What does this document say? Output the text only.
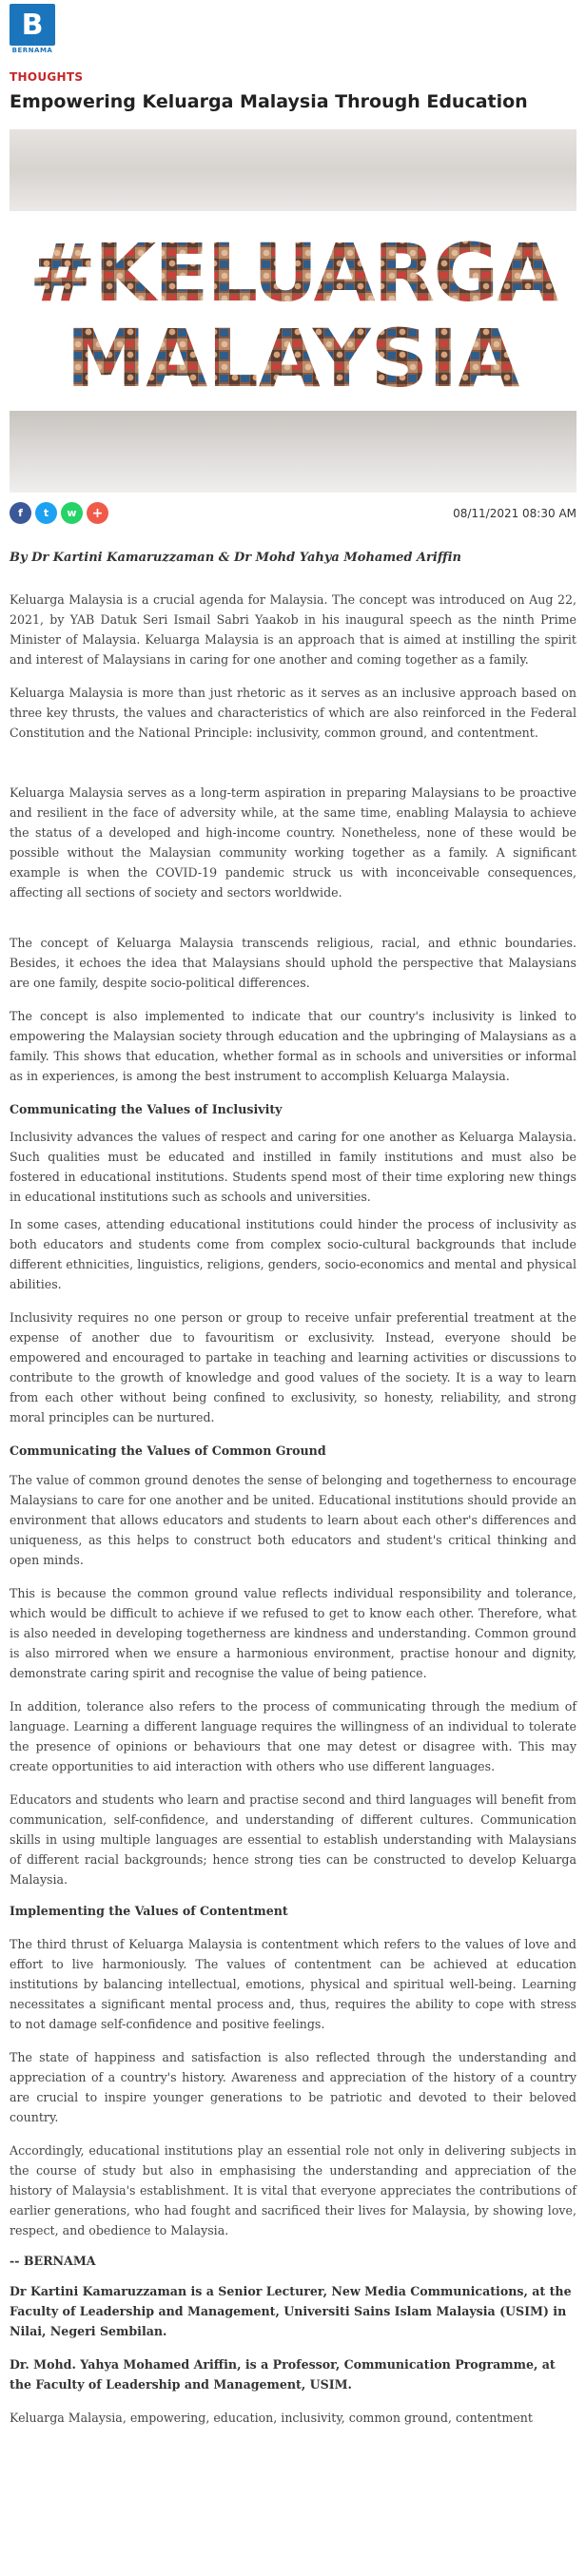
B
BERNAMA
THOUGHTS
Empowering Keluarga Malaysia Through Education
#KELUARGA
MALAYSIA
f	t	w	+	08/11/2021 08:30 AM
By Dr Kartini Kamaruzzaman & Dr Mohd Yahya Mohamed Ariffin

Keluarga Malaysia is a crucial agenda for Malaysia. The concept was introduced on Aug 22, 2021, by YAB Datuk Seri Ismail Sabri Yaakob in his inaugural speech as the ninth Prime Minister of Malaysia. Keluarga Malaysia is an approach that is aimed at instilling the spirit and interest of Malaysians in caring for one another and coming together as a family.

Keluarga Malaysia is more than just rhetoric as it serves as an inclusive approach based on three key thrusts, the values and characteristics of which are also reinforced in the Federal Constitution and the National Principle: inclusivity, common ground, and contentment.

Keluarga Malaysia serves as a long-term aspiration in preparing Malaysians to be proactive and resilient in the face of adversity while, at the same time, enabling Malaysia to achieve the status of a developed and high-income country. Nonetheless, none of these would be possible without the Malaysian community working together as a family. A significant example is when the COVID-19 pandemic struck us with inconceivable consequences, affecting all sections of society and sectors worldwide.

The concept of Keluarga Malaysia transcends religious, racial, and ethnic boundaries. Besides, it echoes the idea that Malaysians should uphold the perspective that Malaysians are one family, despite socio-political differences.

The concept is also implemented to indicate that our country's inclusivity is linked to empowering the Malaysian society through education and the upbringing of Malaysians as a family. This shows that education, whether formal as in schools and universities or informal as in experiences, is among the best instrument to accomplish Keluarga Malaysia.

Communicating the Values of Inclusivity

Inclusivity advances the values of respect and caring for one another as Keluarga Malaysia. Such qualities must be educated and instilled in family institutions and must also be fostered in educational institutions. Students spend most of their time exploring new things in educational institutions such as schools and universities.

In some cases, attending educational institutions could hinder the process of inclusivity as both educators and students come from complex socio-cultural backgrounds that include different ethnicities, linguistics, religions, genders, socio-economics and mental and physical abilities.

Inclusivity requires no one person or group to receive unfair preferential treatment at the expense of another due to favouritism or exclusivity. Instead, everyone should be empowered and encouraged to partake in teaching and learning activities or discussions to contribute to the growth of knowledge and good values of the society. It is a way to learn from each other without being confined to exclusivity, so honesty, reliability, and strong moral principles can be nurtured.

Communicating the Values of Common Ground

The value of common ground denotes the sense of belonging and togetherness to encourage Malaysians to care for one another and be united. Educational institutions should provide an environment that allows educators and students to learn about each other's differences and uniqueness, as this helps to construct both educators and student's critical thinking and open minds.

This is because the common ground value reflects individual responsibility and tolerance, which would be difficult to achieve if we refused to get to know each other. Therefore, what is also needed in developing togetherness are kindness and understanding. Common ground is also mirrored when we ensure a harmonious environment, practise honour and dignity, demonstrate caring spirit and recognise the value of being patience.

In addition, tolerance also refers to the process of communicating through the medium of language. Learning a different language requires the willingness of an individual to tolerate the presence of opinions or behaviours that one may detest or disagree with. This may create opportunities to aid interaction with others who use different languages.

Educators and students who learn and practise second and third languages will benefit from communication, self-confidence, and understanding of different cultures. Communication skills in using multiple languages are essential to establish understanding with Malaysians of different racial backgrounds; hence strong ties can be constructed to develop Keluarga Malaysia.

Implementing the Values of Contentment

The third thrust of Keluarga Malaysia is contentment which refers to the values of love and effort to live harmoniously. The values of contentment can be achieved at education institutions by balancing intellectual, emotions, physical and spiritual well-being. Learning necessitates a significant mental process and, thus, requires the ability to cope with stress to not damage self-confidence and positive feelings.

The state of happiness and satisfaction is also reflected through the understanding and appreciation of a country's history. Awareness and appreciation of the history of a country are crucial to inspire younger generations to be patriotic and devoted to their beloved country.

Accordingly, educational institutions play an essential role not only in delivering subjects in the course of study but also in emphasising the understanding and appreciation of the history of Malaysia's establishment. It is vital that everyone appreciates the contributions of earlier generations, who had fought and sacrificed their lives for Malaysia, by showing love, respect, and obedience to Malaysia.

-- BERNAMA

Dr Kartini Kamaruzzaman is a Senior Lecturer, New Media Communications, at the Faculty of Leadership and Management, Universiti Sains Islam Malaysia (USIM) in Nilai, Negeri Sembilan.

Dr. Mohd. Yahya Mohamed Ariffin, is a Professor, Communication Programme, at the Faculty of Leadership and Management, USIM.

Keluarga Malaysia, empowering, education, inclusivity, common ground, contentment
